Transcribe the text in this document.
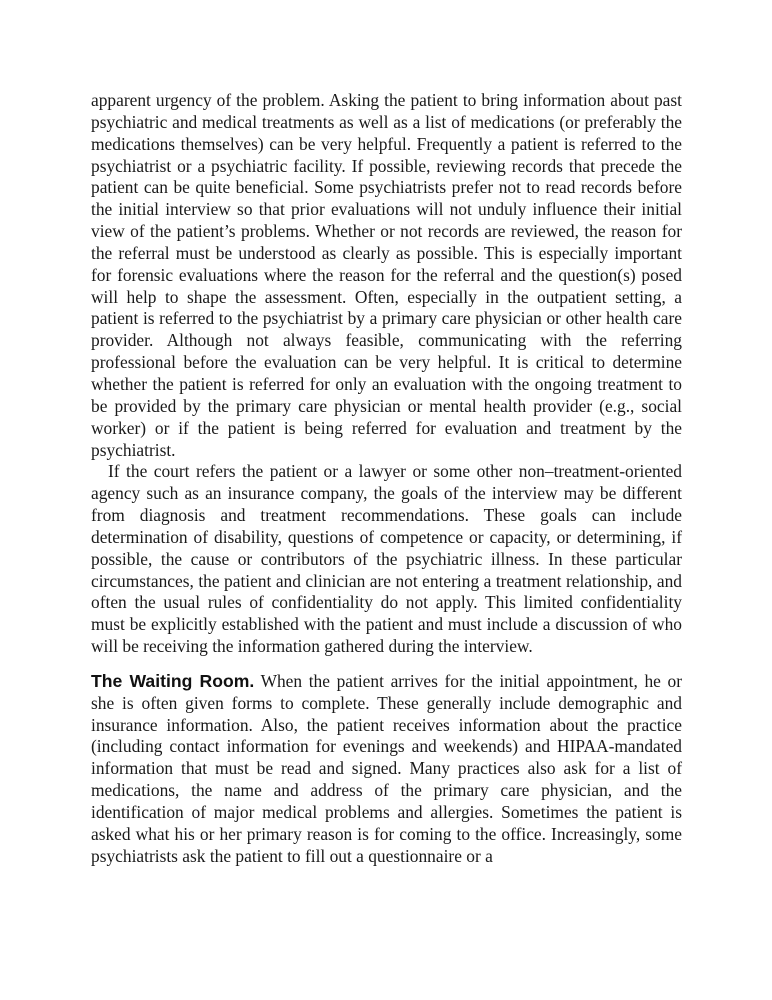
apparent urgency of the problem. Asking the patient to bring information about past psychiatric and medical treatments as well as a list of medications (or preferably the medications themselves) can be very helpful. Frequently a patient is referred to the psychiatrist or a psychiatric facility. If possible, reviewing records that precede the patient can be quite beneficial. Some psychiatrists prefer not to read records before the initial interview so that prior evaluations will not unduly influence their initial view of the patient’s problems. Whether or not records are reviewed, the reason for the referral must be understood as clearly as possible. This is especially important for forensic evaluations where the reason for the referral and the question(s) posed will help to shape the assessment. Often, especially in the outpatient setting, a patient is referred to the psychiatrist by a primary care physician or other health care provider. Although not always feasible, communicating with the referring professional before the evaluation can be very helpful. It is critical to determine whether the patient is referred for only an evaluation with the ongoing treatment to be provided by the primary care physician or mental health provider (e.g., social worker) or if the patient is being referred for evaluation and treatment by the psychiatrist.

If the court refers the patient or a lawyer or some other non–treatment-oriented agency such as an insurance company, the goals of the interview may be different from diagnosis and treatment recommendations. These goals can include determination of disability, questions of competence or capacity, or determining, if possible, the cause or contributors of the psychiatric illness. In these particular circumstances, the patient and clinician are not entering a treatment relationship, and often the usual rules of confidentiality do not apply. This limited confidentiality must be explicitly established with the patient and must include a discussion of who will be receiving the information gathered during the interview.

The Waiting Room. When the patient arrives for the initial appointment, he or she is often given forms to complete. These generally include demographic and insurance information. Also, the patient receives information about the practice (including contact information for evenings and weekends) and HIPAA-mandated information that must be read and signed. Many practices also ask for a list of medications, the name and address of the primary care physician, and the identification of major medical problems and allergies. Sometimes the patient is asked what his or her primary reason is for coming to the office. Increasingly, some psychiatrists ask the patient to fill out a questionnaire or a
